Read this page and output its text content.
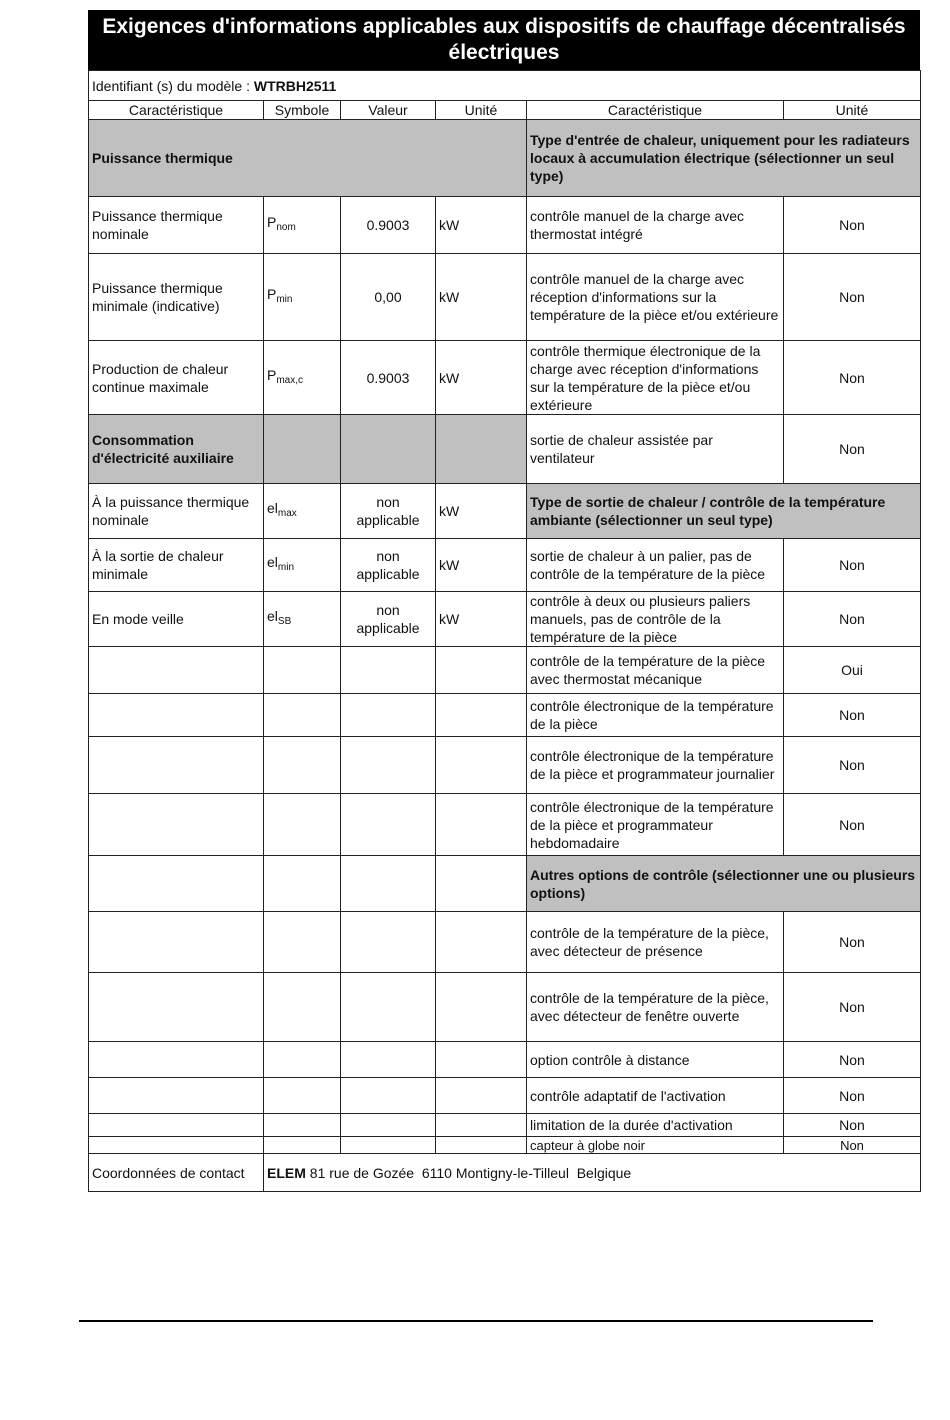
Exigences d'informations applicables aux dispositifs de chauffage décentralisés électriques
Identifiant (s) du modèle : WTRBH2511					
Caractéristique	Symbole	Valeur	Unité	Caractéristique	Unité
Puissance thermique				Type d'entrée de chaleur, uniquement pour les radiateurs locaux à accumulation électrique (sélectionner un seul type)	
Puissance thermique nominale	$P_{nom}$	0.9003	kW	contrôle manuel de la charge avec thermostat intégré	Non
Puissance thermique minimale (indicative)	$P_{min}$	0,00	kW	contrôle manuel de la charge avec réception d'informations sur la température de la pièce et/ou extérieure	Non
Production de chaleur continue maximale	$P_{max,c}$	0.9003	kW	contrôle thermique électronique de la charge avec réception d'informations sur la température de la pièce et/ou extérieure	Non
Consommation d'électricité auxiliaire				sortie de chaleur assistée par ventilateur	Non
À la puissance thermique nominale	$el_{max}$	non applicable	kW	Type de sortie de chaleur / contrôle de la température ambiante (sélectionner un seul type)	
À la sortie de chaleur minimale	$el_{min}$	non applicable	kW	sortie de chaleur à un palier, pas de contrôle de la température de la pièce	Non
En mode veille	$el_{SB}$	non applicable	kW	contrôle à deux ou plusieurs paliers manuels, pas de contrôle de la température de la pièce	Non
				contrôle de la température de la pièce avec thermostat mécanique	Oui
				contrôle électronique de la température de la pièce	Non
				contrôle électronique de la température de la pièce et programmateur journalier	Non
				contrôle électronique de la température de la pièce et programmateur hebdomadaire	Non
				Autres options de contrôle (sélectionner une ou plusieurs options)	
				contrôle de la température de la pièce, avec détecteur de présence	Non
				contrôle de la température de la pièce, avec détecteur de fenêtre ouverte	Non
				option contrôle à distance	Non
				contrôle adaptatif de l'activation	Non
				limitation de la durée d'activation	Non
				capteur à globe noir	Non
Coordonnées de contact	ELEM 81 rue de Gozée  6110 Montigny-le-Tilleul  Belgique				
